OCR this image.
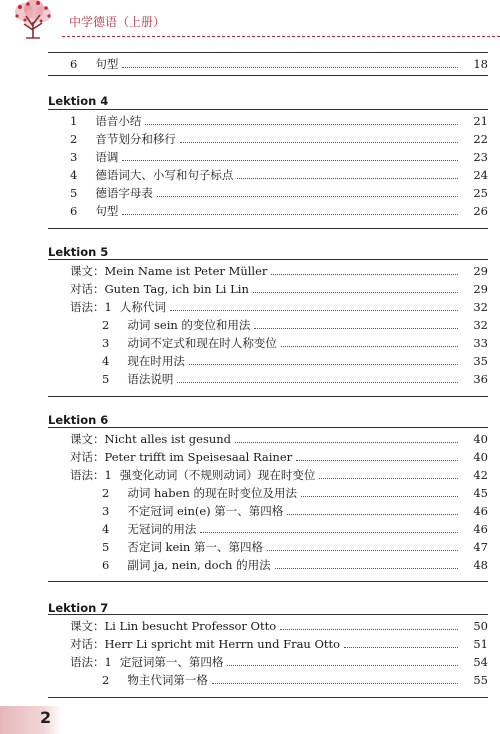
中学德语（上册）
6 句型	18
Lektion 4
1 语音小结	21
2 音节划分和移行	22
3 语调	23
4 德语词大、小写和句子标点	24
5 德语字母表	25
6 句型	26
Lektion 5
课文： Mein Name ist Peter Müller	29
对话： Guten Tag, ich bin Li Lin	29
语法：1 人称代词	32
2 动词 sein 的变位和用法	32
3 动词不定式和现在时人称变位	33
4 现在时用法	35
5 语法说明	36
Lektion 6
课文： Nicht alles ist gesund	40
对话： Peter trifft im Speisesaal Rainer	40
语法：1 强变化动词（不规则动词）现在时变位	42
2 动词 haben 的现在时变位及用法	45
3 不定冠词 ein(e) 第一、第四格	46
4 无冠词的用法	46
5 否定词 kein 第一、第四格	47
6 副词 ja, nein, doch 的用法	48
Lektion 7
课文： Li Lin besucht Professor Otto	50
对话： Herr Li spricht mit Herrn und Frau Otto	51
语法：1 定冠词第一、第四格	54
2 物主代词第一格	55
2
